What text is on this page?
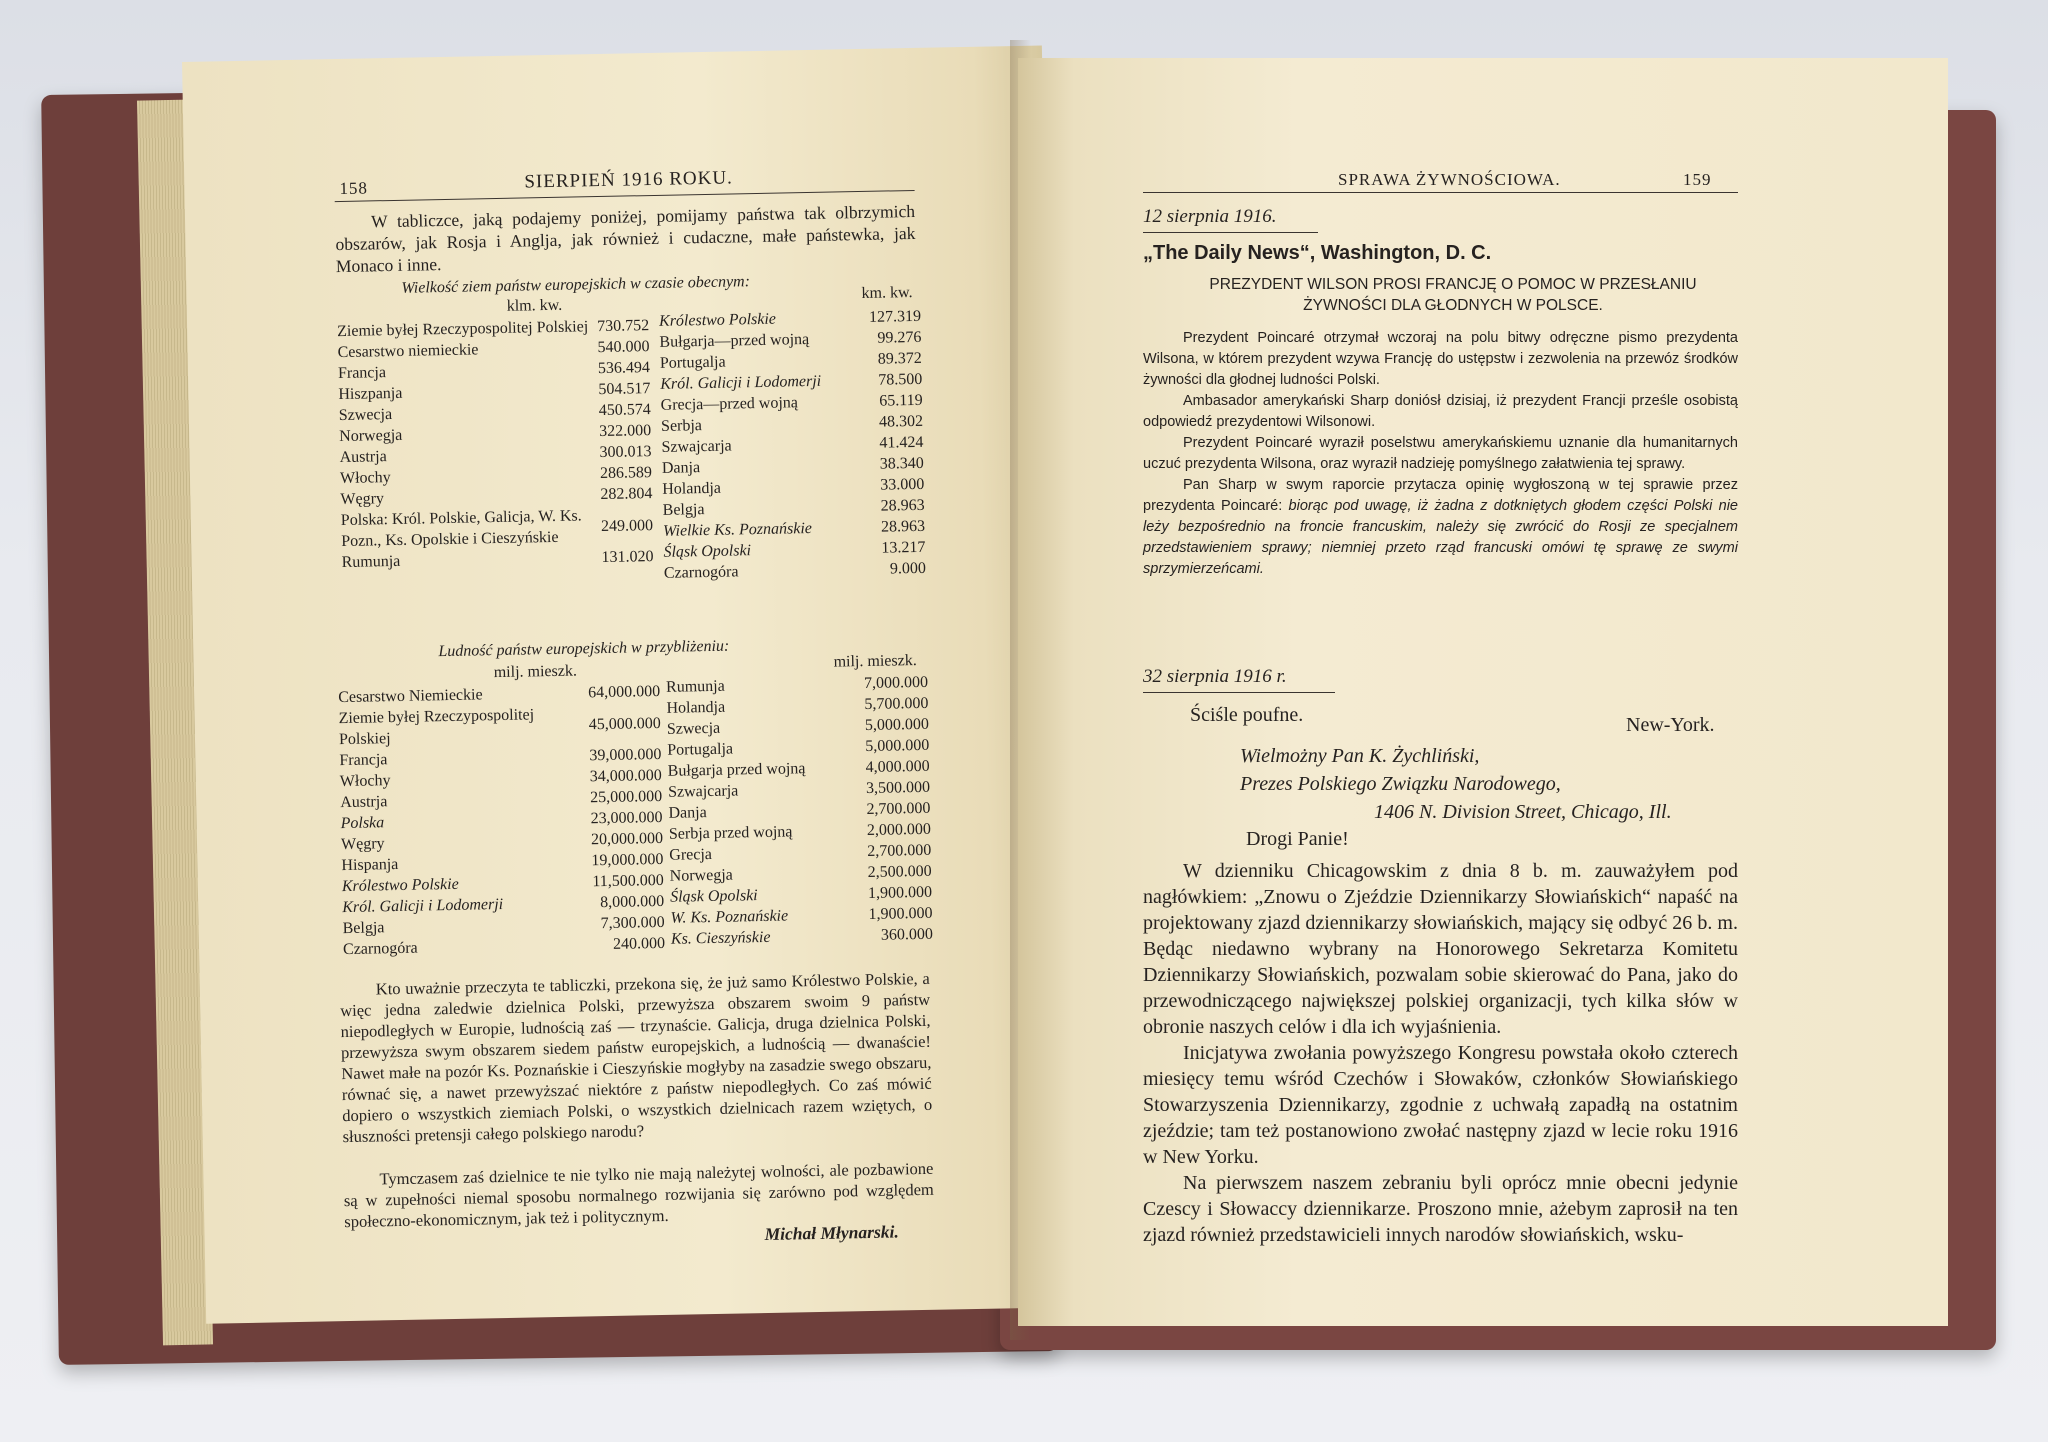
158	SIERPIEŃ 1916 ROKU.
W tabliczce, jaką podajemy poniżej, pomijamy państwa tak olbrzymich obszarów, jak Rosja i Anglja, jak również i cudaczne, małe państewka, jak Monaco i inne.
Wielkość ziem państw europejskich w czasie obecnym:
klm. kw.
km. kw.
Ziemie byłej Rzeczypospolitej Polskiej	730.752
Cesarstwo niemieckie	540.000
Francja	536.494
Hiszpanja	504.517
Szwecja	450.574
Norwegja	322.000
Austrja	300.013
Włochy	286.589
Węgry	282.804
Polska: Król. Polskie, Galicja, W. Ks. Pozn., Ks. Opolskie i Cieszyńskie	249.000
Rumunja	131.020
Królestwo Polskie	127.319
Bułgarja—przed wojną	99.276
Portugalja	89.372
Król. Galicji i Lodomerji	78.500
Grecja—przed wojną	65.119
Serbja	48.302
Szwajcarja	41.424
Danja	38.340
Holandja	33.000
Belgja	28.963
Wielkie Ks. Poznańskie	28.963
Śląsk Opolski	13.217
Czarnogóra	9.000
Ludność państw europejskich w przybliżeniu:
milj. mieszk.
milj. mieszk.
Cesarstwo Niemieckie	64,000.000
Ziemie byłej Rzeczypospolitej Polskiej	45,000.000
Francja	39,000.000
Włochy	34,000.000
Austrja	25,000.000
Polska	23,000.000
Węgry	20,000.000
Hispanja	19,000.000
Królestwo Polskie	11,500.000
Król. Galicji i Lodomerji	8,000.000
Belgja	7,300.000
Czarnogóra	240.000
Rumunja	7,000.000
Holandja	5,700.000
Szwecja	5,000.000
Portugalja	5,000.000
Bułgarja przed wojną	4,000.000
Szwajcarja	3,500.000
Danja	2,700.000
Serbja przed wojną	2,000.000
Grecja	2,700.000
Norwegja	2,500.000
Śląsk Opolski	1,900.000
W. Ks. Poznańskie	1,900.000
Ks. Cieszyńskie	360.000
Kto uważnie przeczyta te tabliczki, przekona się, że już samo Królestwo Polskie, a więc jedna zaledwie dzielnica Polski, przewyższa obszarem swoim 9 państw niepodległych w Europie, ludnością zaś — trzynaście. Galicja, druga dzielnica Polski, przewyższa swym obszarem siedem państw europejskich, a ludnością — dwanaście! Nawet małe na pozór Ks. Poznańskie i Cieszyńskie mogłyby na zasadzie swego obszaru, równać się, a nawet przewyższać niektóre z państw niepodległych. Co zaś mówić dopiero o wszystkich ziemiach Polski, o wszystkich dzielnicach razem wziętych, o słuszności pretensji całego polskiego narodu?
Tymczasem zaś dzielnice te nie tylko nie mają należytej wolności, ale pozbawione są w zupełności niemal sposobu normalnego rozwijania się zarówno pod względem społeczno-ekonomicznym, jak też i politycznym.
Michał Młynarski.
SPRAWA ŻYWNOŚCIOWA.	159
12 sierpnia 1916.
„The Daily News“, Washington, D. C.
PREZYDENT WILSON PROSI FRANCJĘ O POMOC W PRZESŁANIU ŻYWNOŚCI DLA GŁODNYCH W POLSCE.
Prezydent Poincaré otrzymał wczoraj na polu bitwy odręczne pismo prezydenta Wilsona, w którem prezydent wzywa Francję do ustępstw i zezwolenia na przewóz środków żywności dla głodnej ludności Polski.
Ambasador amerykański Sharp doniósł dzisiaj, iż prezydent Francji prześle osobistą odpowiedź prezydentowi Wilsonowi.
Prezydent Poincaré wyraził poselstwu amerykańskiemu uznanie dla humanitarnych uczuć prezydenta Wilsona, oraz wyraził nadzieję pomyślnego załatwienia tej sprawy.
Pan Sharp w swym raporcie przytacza opinię wygłoszoną w tej sprawie przez prezydenta Poincaré: biorąc pod uwagę, iż żadna z dotkniętych głodem części Polski nie leży bezpośrednio na froncie francuskim, należy się zwrócić do Rosji ze specjalnem przedstawieniem sprawy; niemniej przeto rząd francuski omówi tę sprawę ze swymi sprzymierzeńcami.
32 sierpnia 1916 r.
Ściśle poufne.	New-York.
Wielmożny Pan K. Żychliński,
Prezes Polskiego Związku Narodowego,
1406 N. Division Street, Chicago, Ill.
Drogi Panie!
W dzienniku Chicagowskim z dnia 8 b. m. zauważyłem pod nagłówkiem: „Znowu o Zjeździe Dziennikarzy Słowiańskich“ napaść na projektowany zjazd dziennikarzy słowiańskich, mający się odbyć 26 b. m. Będąc niedawno wybrany na Honorowego Sekretarza Komitetu Dziennikarzy Słowiańskich, pozwalam sobie skierować do Pana, jako do przewodniczącego największej polskiej organizacji, tych kilka słów w obronie naszych celów i dla ich wyjaśnienia.
Inicjatywa zwołania powyższego Kongresu powstała około czterech miesięcy temu wśród Czechów i Słowaków, członków Słowiańskiego Stowarzyszenia Dziennikarzy, zgodnie z uchwałą zapadłą na ostatnim zjeździe; tam też postanowiono zwołać następny zjazd w lecie roku 1916 w New Yorku.
Na pierwszem naszem zebraniu byli oprócz mnie obecni jedynie Czescy i Słowaccy dziennikarze. Proszono mnie, ażebym zaprosił na ten zjazd również przedstawicieli innych narodów słowiańskich, wsku-
